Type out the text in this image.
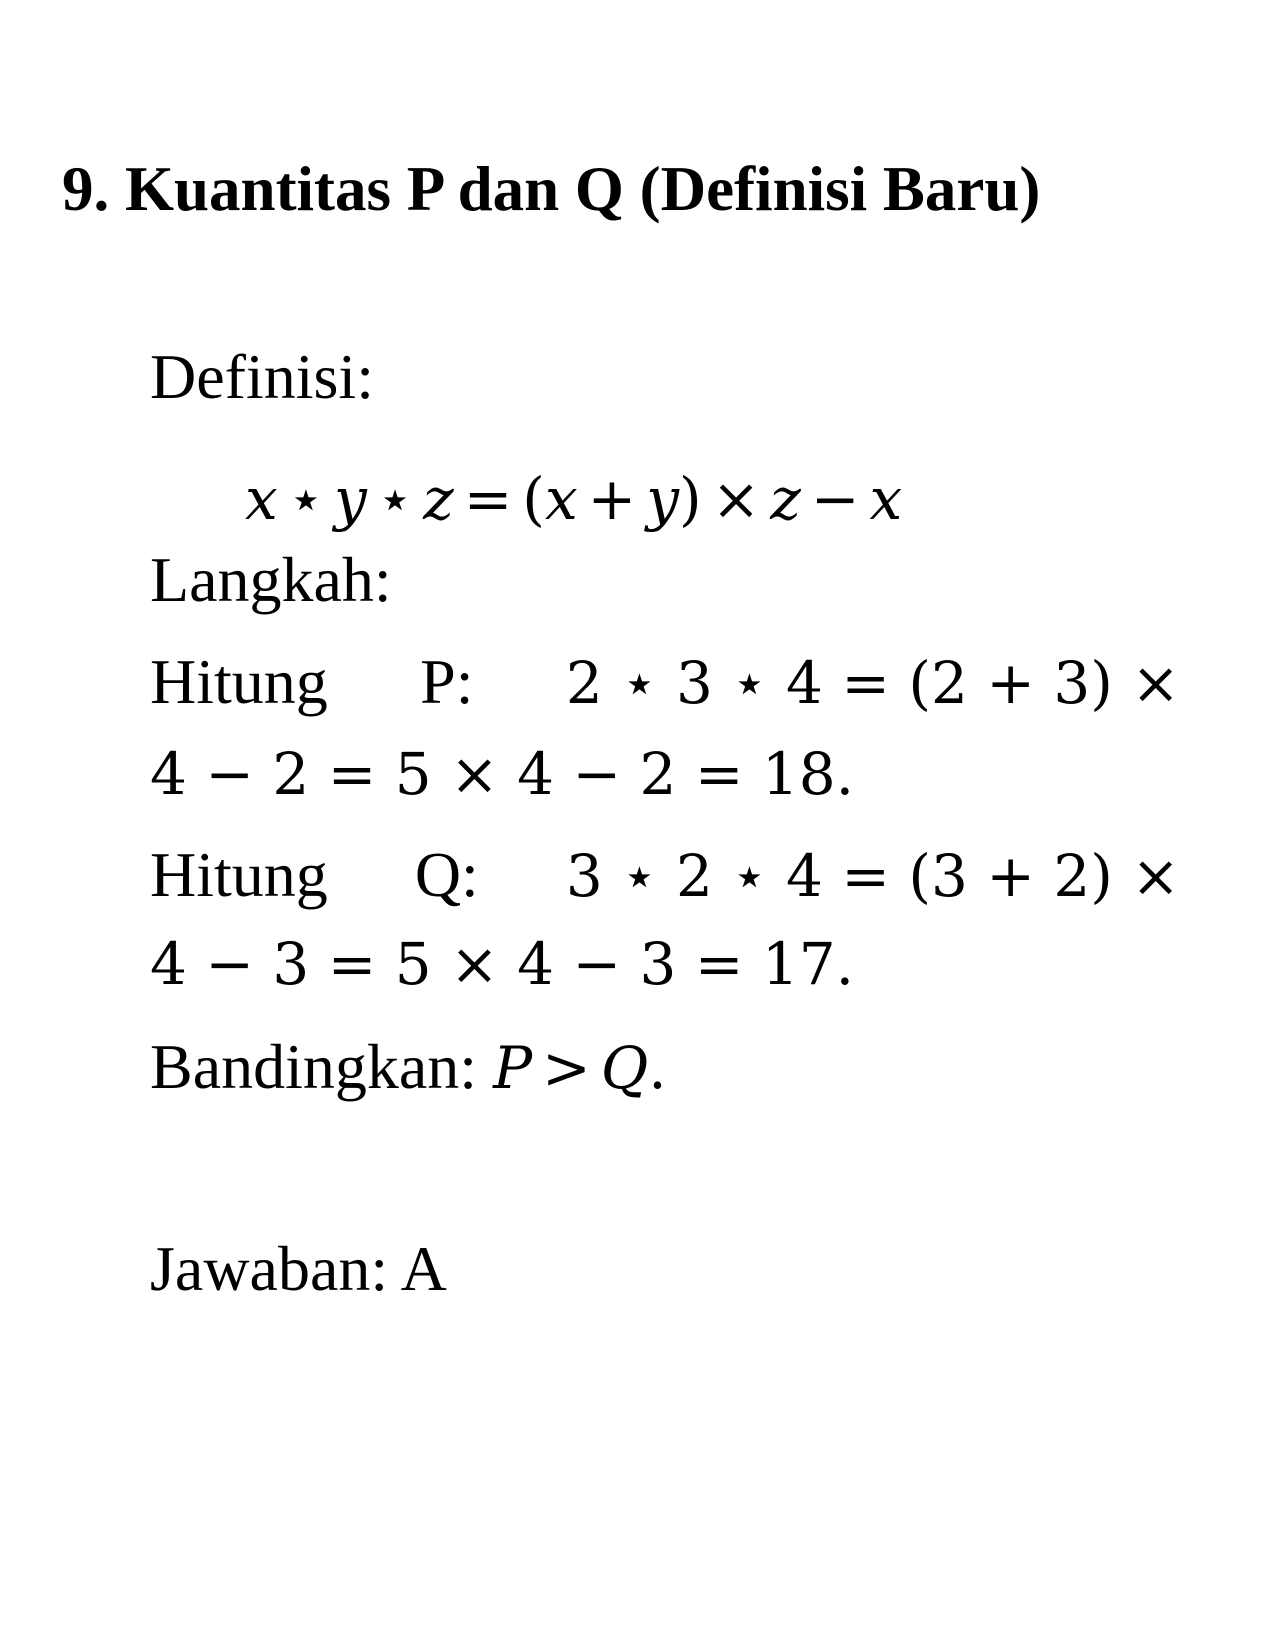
9. Kuantitas P dan Q (Definisi Baru)
Definisi:
x ⋆ y ⋆ z = (x + y) × z − x
Langkah:
Hitung P: 2 ⋆ 3 ⋆ 4 = (2 + 3) ×
4 − 2 = 5 × 4 − 2 = 18.
Hitung Q: 3 ⋆ 2 ⋆ 4 = (3 + 2) ×
4 − 3 = 5 × 4 − 3 = 17.
Bandingkan: P > Q.
Jawaban: A
